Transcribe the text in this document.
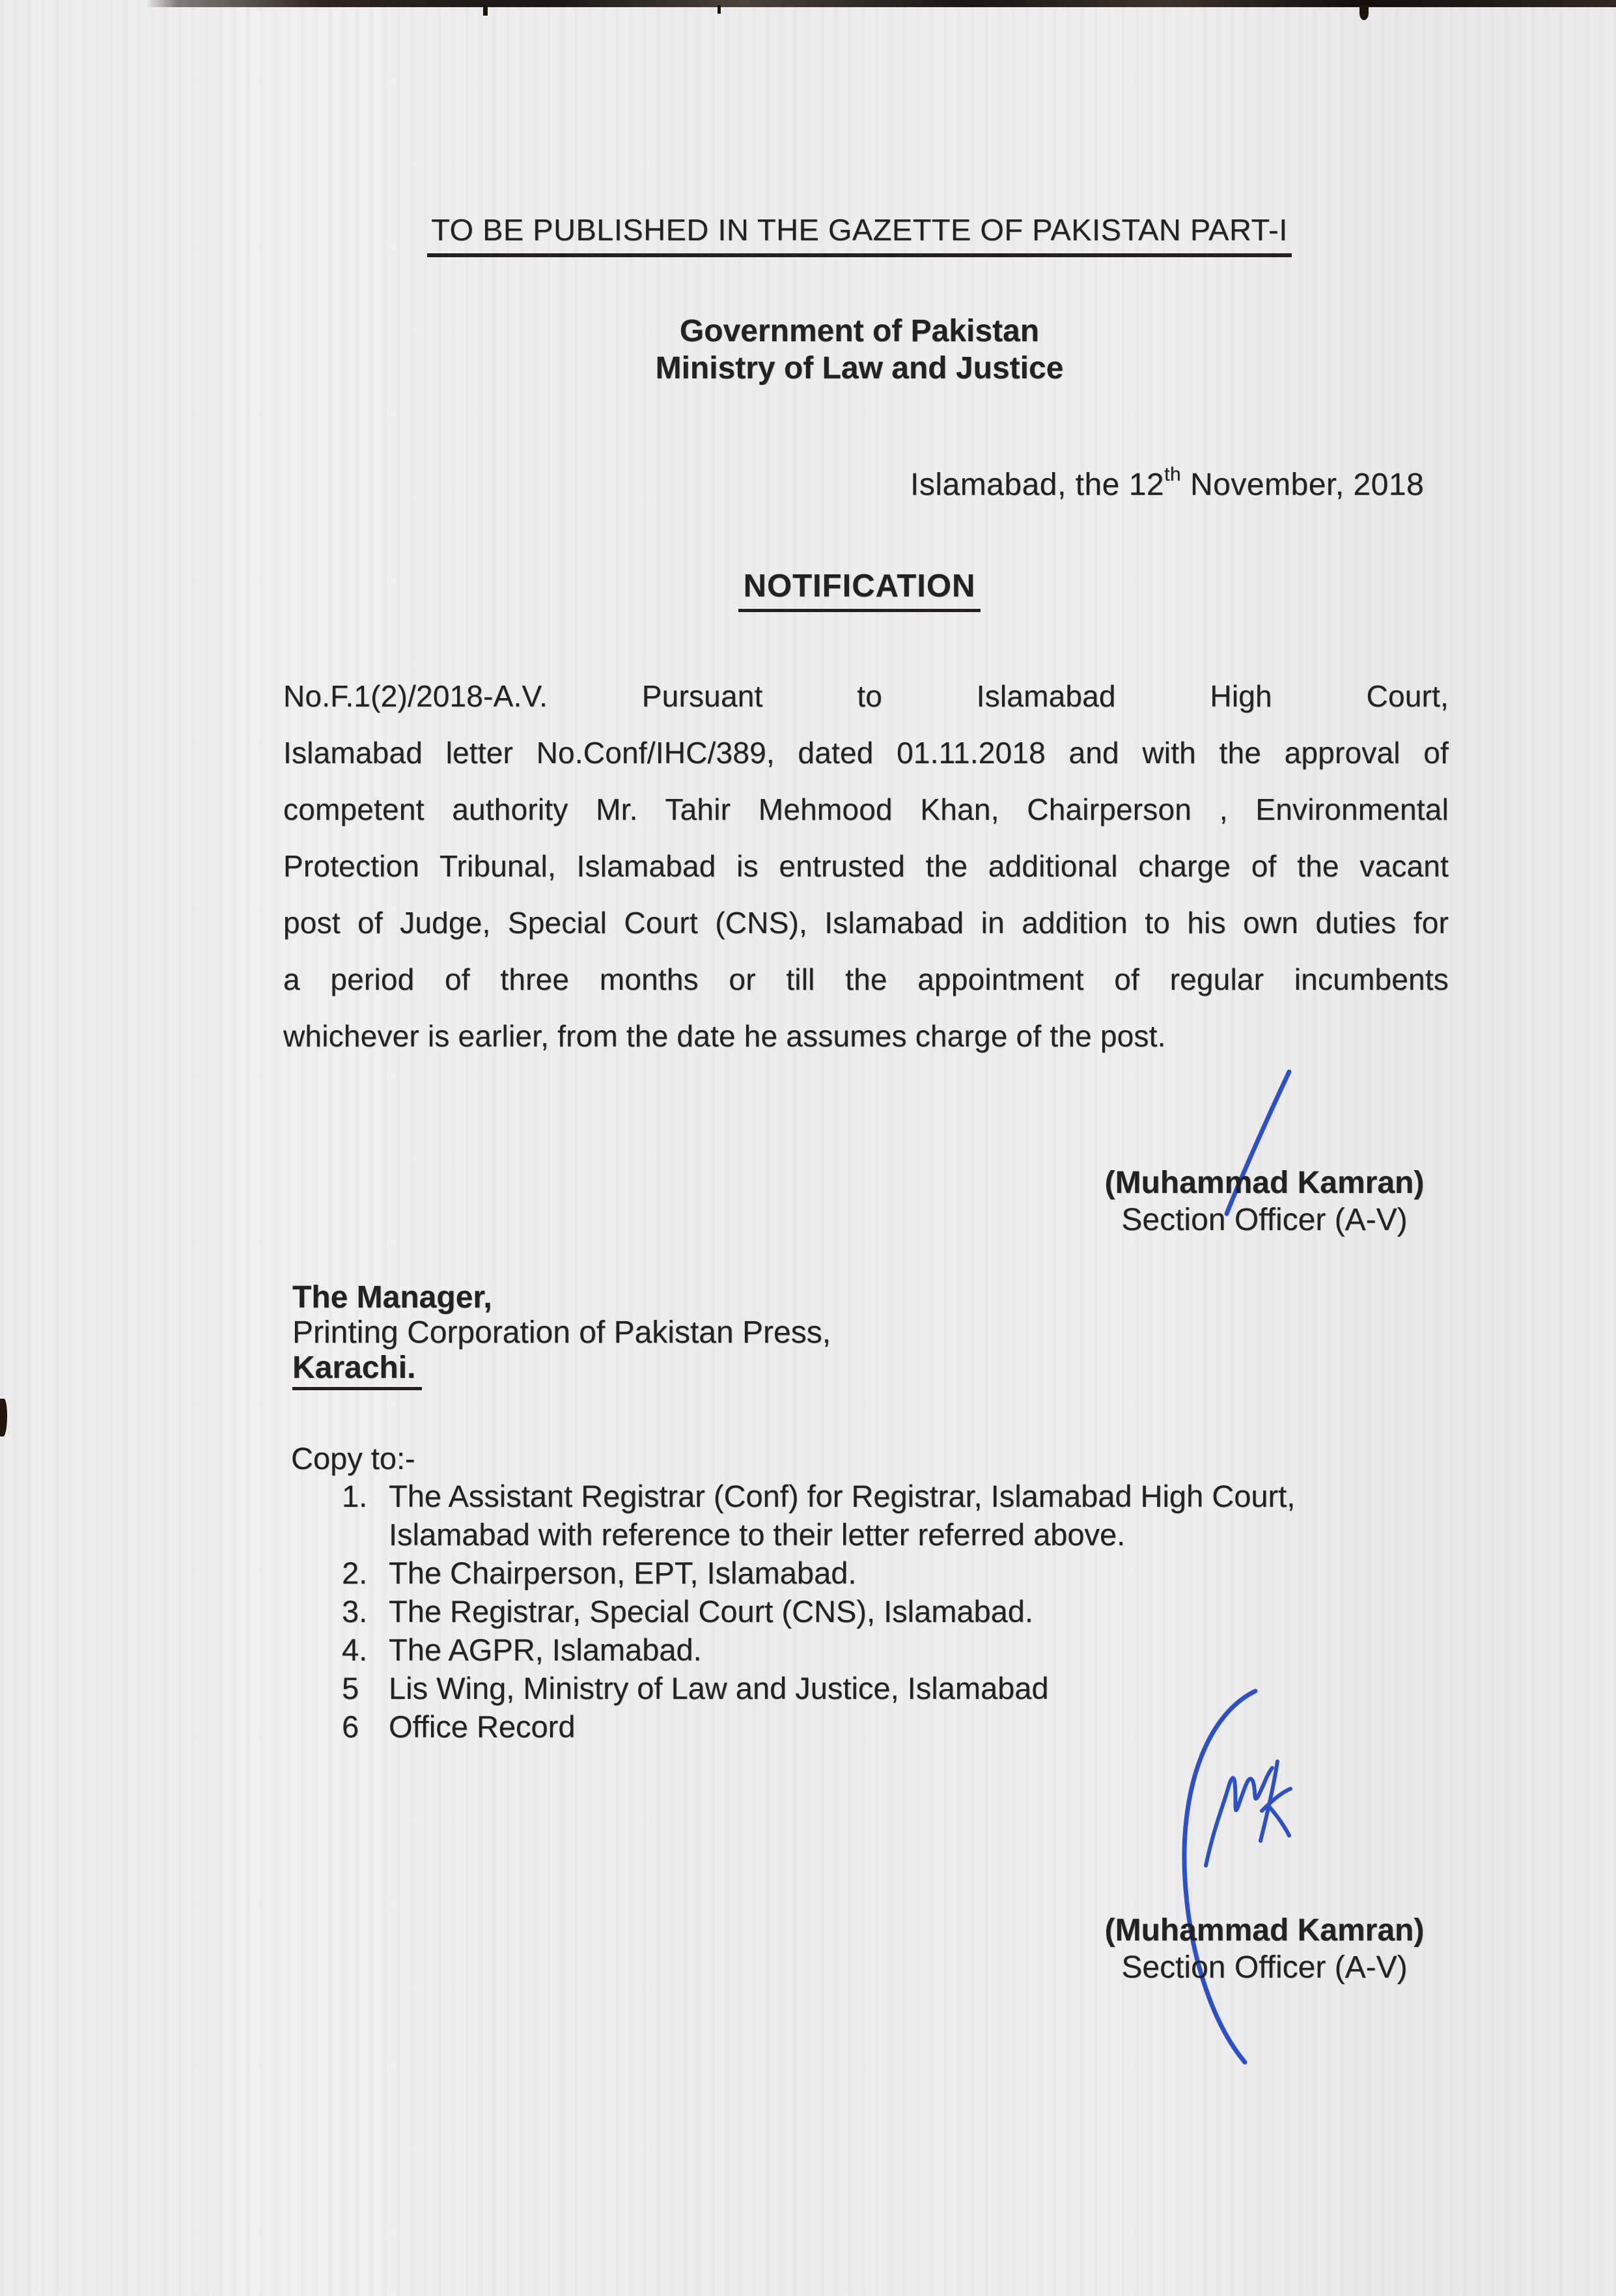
TO BE PUBLISHED IN THE GAZETTE OF PAKISTAN PART-I
Government of Pakistan
Ministry of Law and Justice
Islamabad, the 12th November, 2018
NOTIFICATION
No.F.1(2)/2018-A.V. Pursuant to Islamabad High Court,
Islamabad letter No.Conf/IHC/389, dated 01.11.2018 and with the approval of
competent authority Mr. Tahir Mehmood Khan, Chairperson , Environmental
Protection Tribunal, Islamabad is entrusted the additional charge of the vacant
post of Judge, Special Court (CNS), Islamabad in addition to his own duties for
a period of three months or till the appointment of regular incumbents
whichever is earlier, from the date he assumes charge of the post.
(Muhammad Kamran)
Section Officer (A-V)
The Manager,
Printing Corporation of Pakistan Press,
Karachi.
Copy to:-
1. The Assistant Registrar (Conf) for Registrar, Islamabad High Court, Islamabad with reference to their letter referred above.
2. The Chairperson, EPT, Islamabad.
3. The Registrar, Special Court (CNS), Islamabad.
4. The AGPR, Islamabad.
5 Lis Wing, Ministry of Law and Justice, Islamabad
6 Office Record
(Muhammad Kamran)
Section Officer (A-V)
